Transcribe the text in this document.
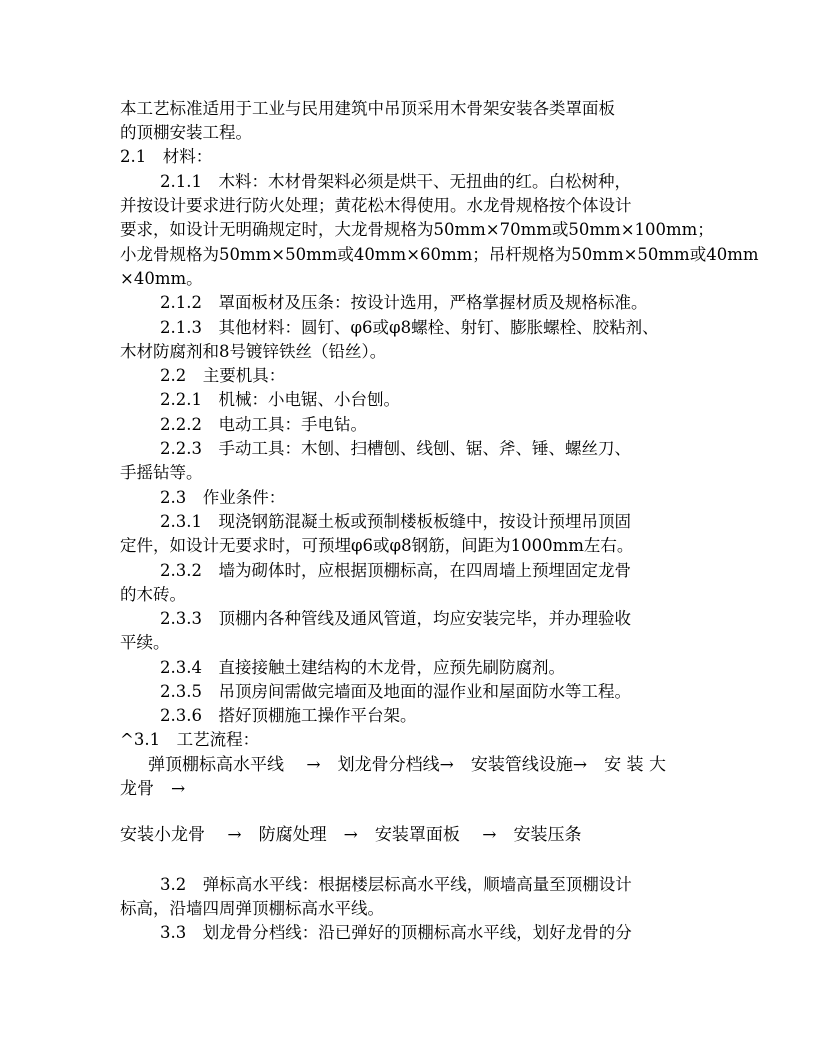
本工艺标准适用于工业与民用建筑中吊顶采用木骨架安装各类罩面板
的顶棚安装工程。
2.1　材料：
2.1.1　木料：木材骨架料必须是烘干、无扭曲的红。白松树种，
并按设计要求进行防火处理；黄花松木得使用。水龙骨规格按个体设计
要求，如设计无明确规定时，大龙骨规格为50mm×70mm或50mm×100mm；
小龙骨规格为50mm×50mm或40mm×60mm；吊杆规格为50mm×50mm或40mm
×40mm。
2.1.2　罩面板材及压条：按设计选用，严格掌握材质及规格标准。
2.1.3　其他材料：圆钉、φ6或φ8螺栓、射钉、膨胀螺栓、胶粘剂、
木材防腐剂和8号镀锌铁丝（铅丝）。
2.2　主要机具：
2.2.1　机械：小电锯、小台刨。
2.2.2　电动工具：手电钻。
2.2.3　手动工具：木刨、扫槽刨、线刨、锯、斧、锤、螺丝刀、
手摇钻等。
2.3　作业条件：
2.3.1　现浇钢筋混凝土板或预制楼板板缝中，按设计预埋吊顶固
定件，如设计无要求时，可预埋φ6或φ8钢筋，间距为1000mm左右。
2.3.2　墙为砌体时，应根据顶棚标高，在四周墙上预埋固定龙骨
的木砖。
2.3.3　顶棚内各种管线及通风管道，均应安装完毕，并办理验收
平续。
2.3.4　直接接触土建结构的木龙骨，应预先刷防腐剂。
2.3.5　吊顶房间需做完墙面及地面的湿作业和屋面防水等工程。
2.3.6　搭好顶棚施工操作平台架。
^3.1　工艺流程：
弹顶棚标高水平线　 →　划龙骨分档线→　安装管线设施→　安 装 大
龙骨　→
安装小龙骨　 →　防腐处理　→　安装罩面板　 →　安装压条
3.2　弹标高水平线：根据楼层标高水平线，顺墙高量至顶棚设计
标高，沿墙四周弹顶棚标高水平线。
3.3　划龙骨分档线：沿已弹好的顶棚标高水平线，划好龙骨的分
